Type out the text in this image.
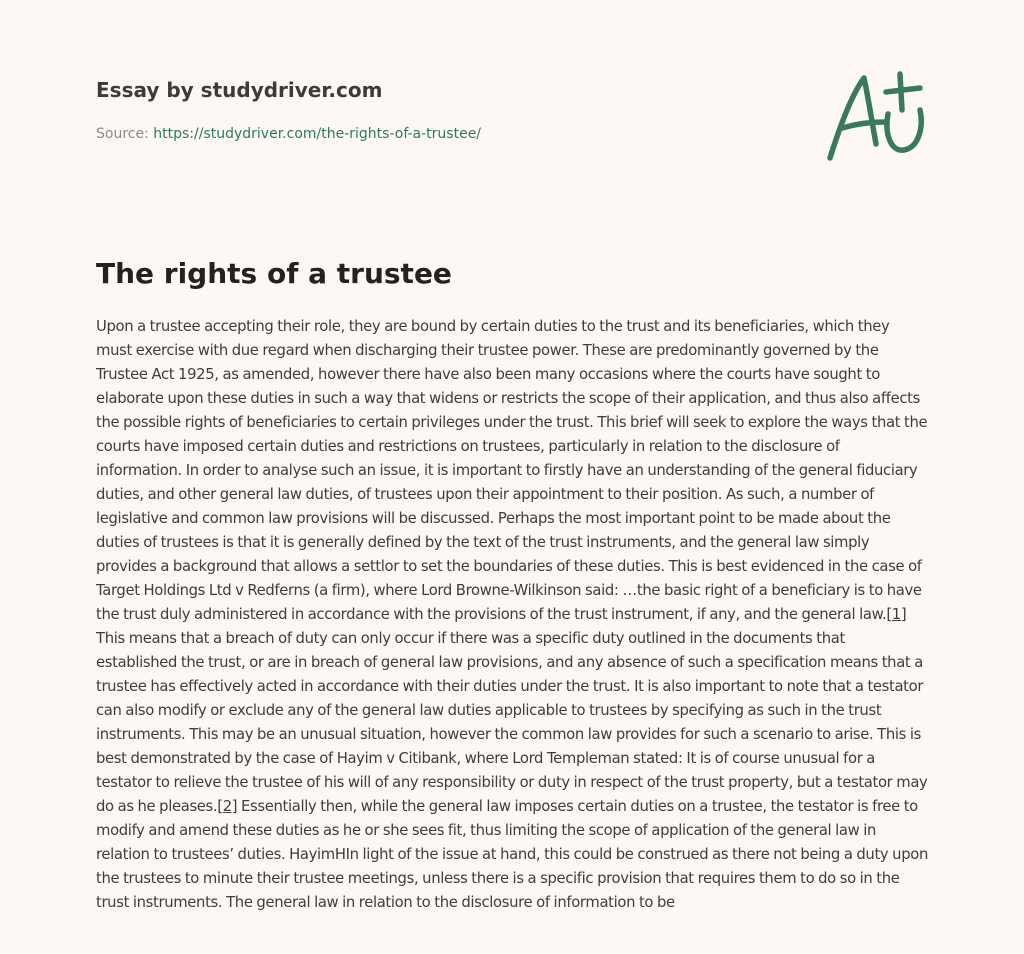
Essay by studydriver.com
Source: https://studydriver.com/the-rights-of-a-trustee/
The rights of a trustee

Upon a trustee accepting their role, they are bound by certain duties to the trust and its beneficiaries, which they must exercise with due regard when discharging their trustee power. These are predominantly governed by the Trustee Act 1925, as amended, however there have also been many occasions where the courts have sought to elaborate upon these duties in such a way that widens or restricts the scope of their application, and thus also affects the possible rights of beneficiaries to certain privileges under the trust. This brief will seek to explore the ways that the courts have imposed certain duties and restrictions on trustees, particularly in relation to the disclosure of information. In order to analyse such an issue, it is important to firstly have an understanding of the general fiduciary duties, and other general law duties, of trustees upon their appointment to their position. As such, a number of legislative and common law provisions will be discussed. Perhaps the most important point to be made about the duties of trustees is that it is generally defined by the text of the trust instruments, and the general law simply provides a background that allows a settlor to set the boundaries of these duties. This is best evidenced in the case of Target Holdings Ltd v Redferns (a firm), where Lord Browne-Wilkinson said: …the basic right of a beneficiary is to have the trust duly administered in accordance with the provisions of the trust instrument, if any, and the general law.[1] This means that a breach of duty can only occur if there was a specific duty outlined in the documents that established the trust, or are in breach of general law provisions, and any absence of such a specification means that a trustee has effectively acted in accordance with their duties under the trust. It is also important to note that a testator can also modify or exclude any of the general law duties applicable to trustees by specifying as such in the trust instruments. This may be an unusual situation, however the common law provides for such a scenario to arise. This is best demonstrated by the case of Hayim v Citibank, where Lord Templeman stated: It is of course unusual for a testator to relieve the trustee of his will of any responsibility or duty in respect of the trust property, but a testator may do as he pleases.[2] Essentially then, while the general law imposes certain duties on a trustee, the testator is free to modify and amend these duties as he or she sees fit, thus limiting the scope of application of the general law in relation to trustees’ duties. HayimHIn light of the issue at hand, this could be construed as there not being a duty upon the trustees to minute their trustee meetings, unless there is a specific provision that requires them to do so in the trust instruments. The general law in relation to the disclosure of information to be
